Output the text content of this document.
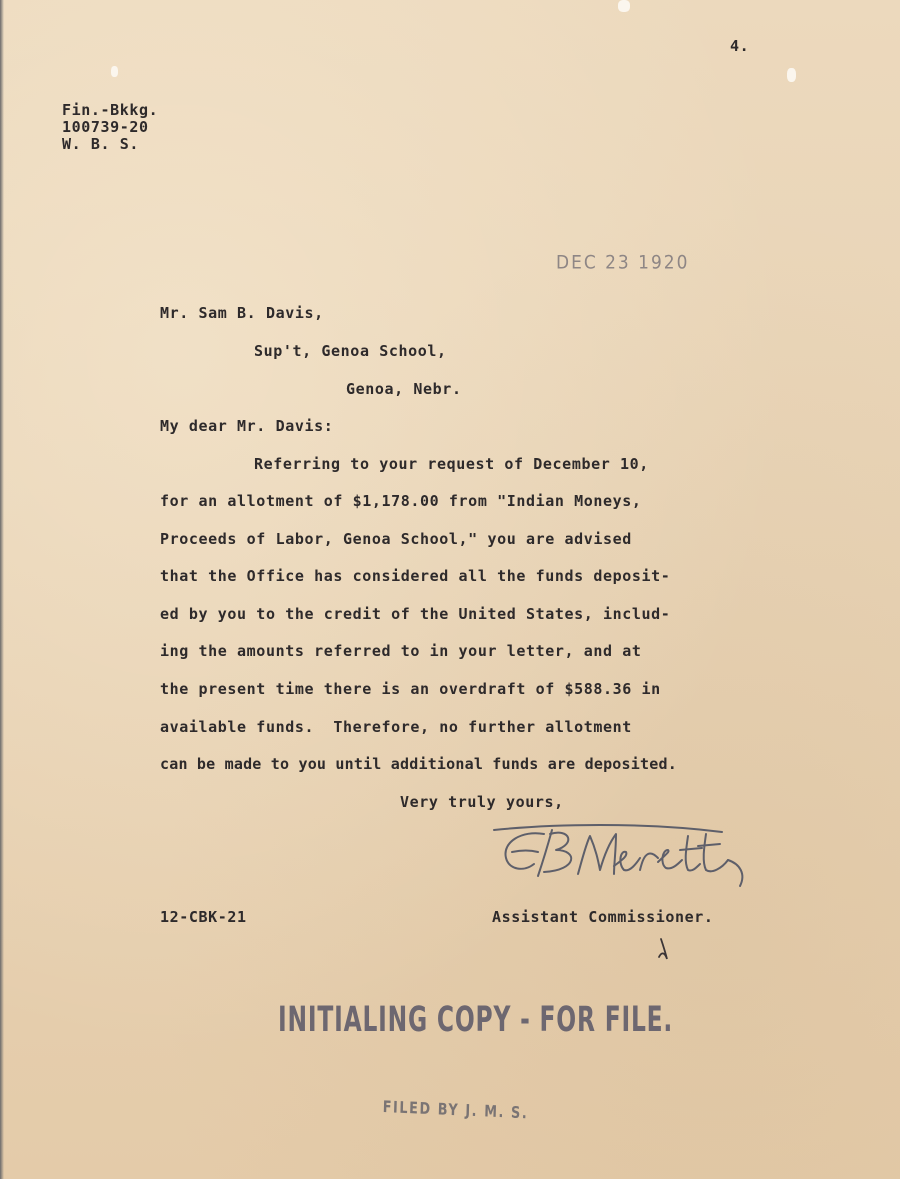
4.
Fin.-Bkkg.
100739-20
W. B. S.
DEC 23 1920
Mr. Sam B. Davis,
Sup't, Genoa School,
Genoa, Nebr.
My dear Mr. Davis:
Referring to your request of December 10,
for an allotment of $1,178.00 from "Indian Moneys,
Proceeds of Labor, Genoa School," you are advised
that the Office has considered all the funds deposit-
ed by you to the credit of the United States, includ-
ing the amounts referred to in your letter, and at
the present time there is an overdraft of $588.36 in
available funds.  Therefore, no further allotment
can be made to you until additional funds are deposited.
Very truly yours,
12-CBK-21	Assistant Commissioner.
INITIALING COPY - FOR FILE.
FILED BY J. M. S.
